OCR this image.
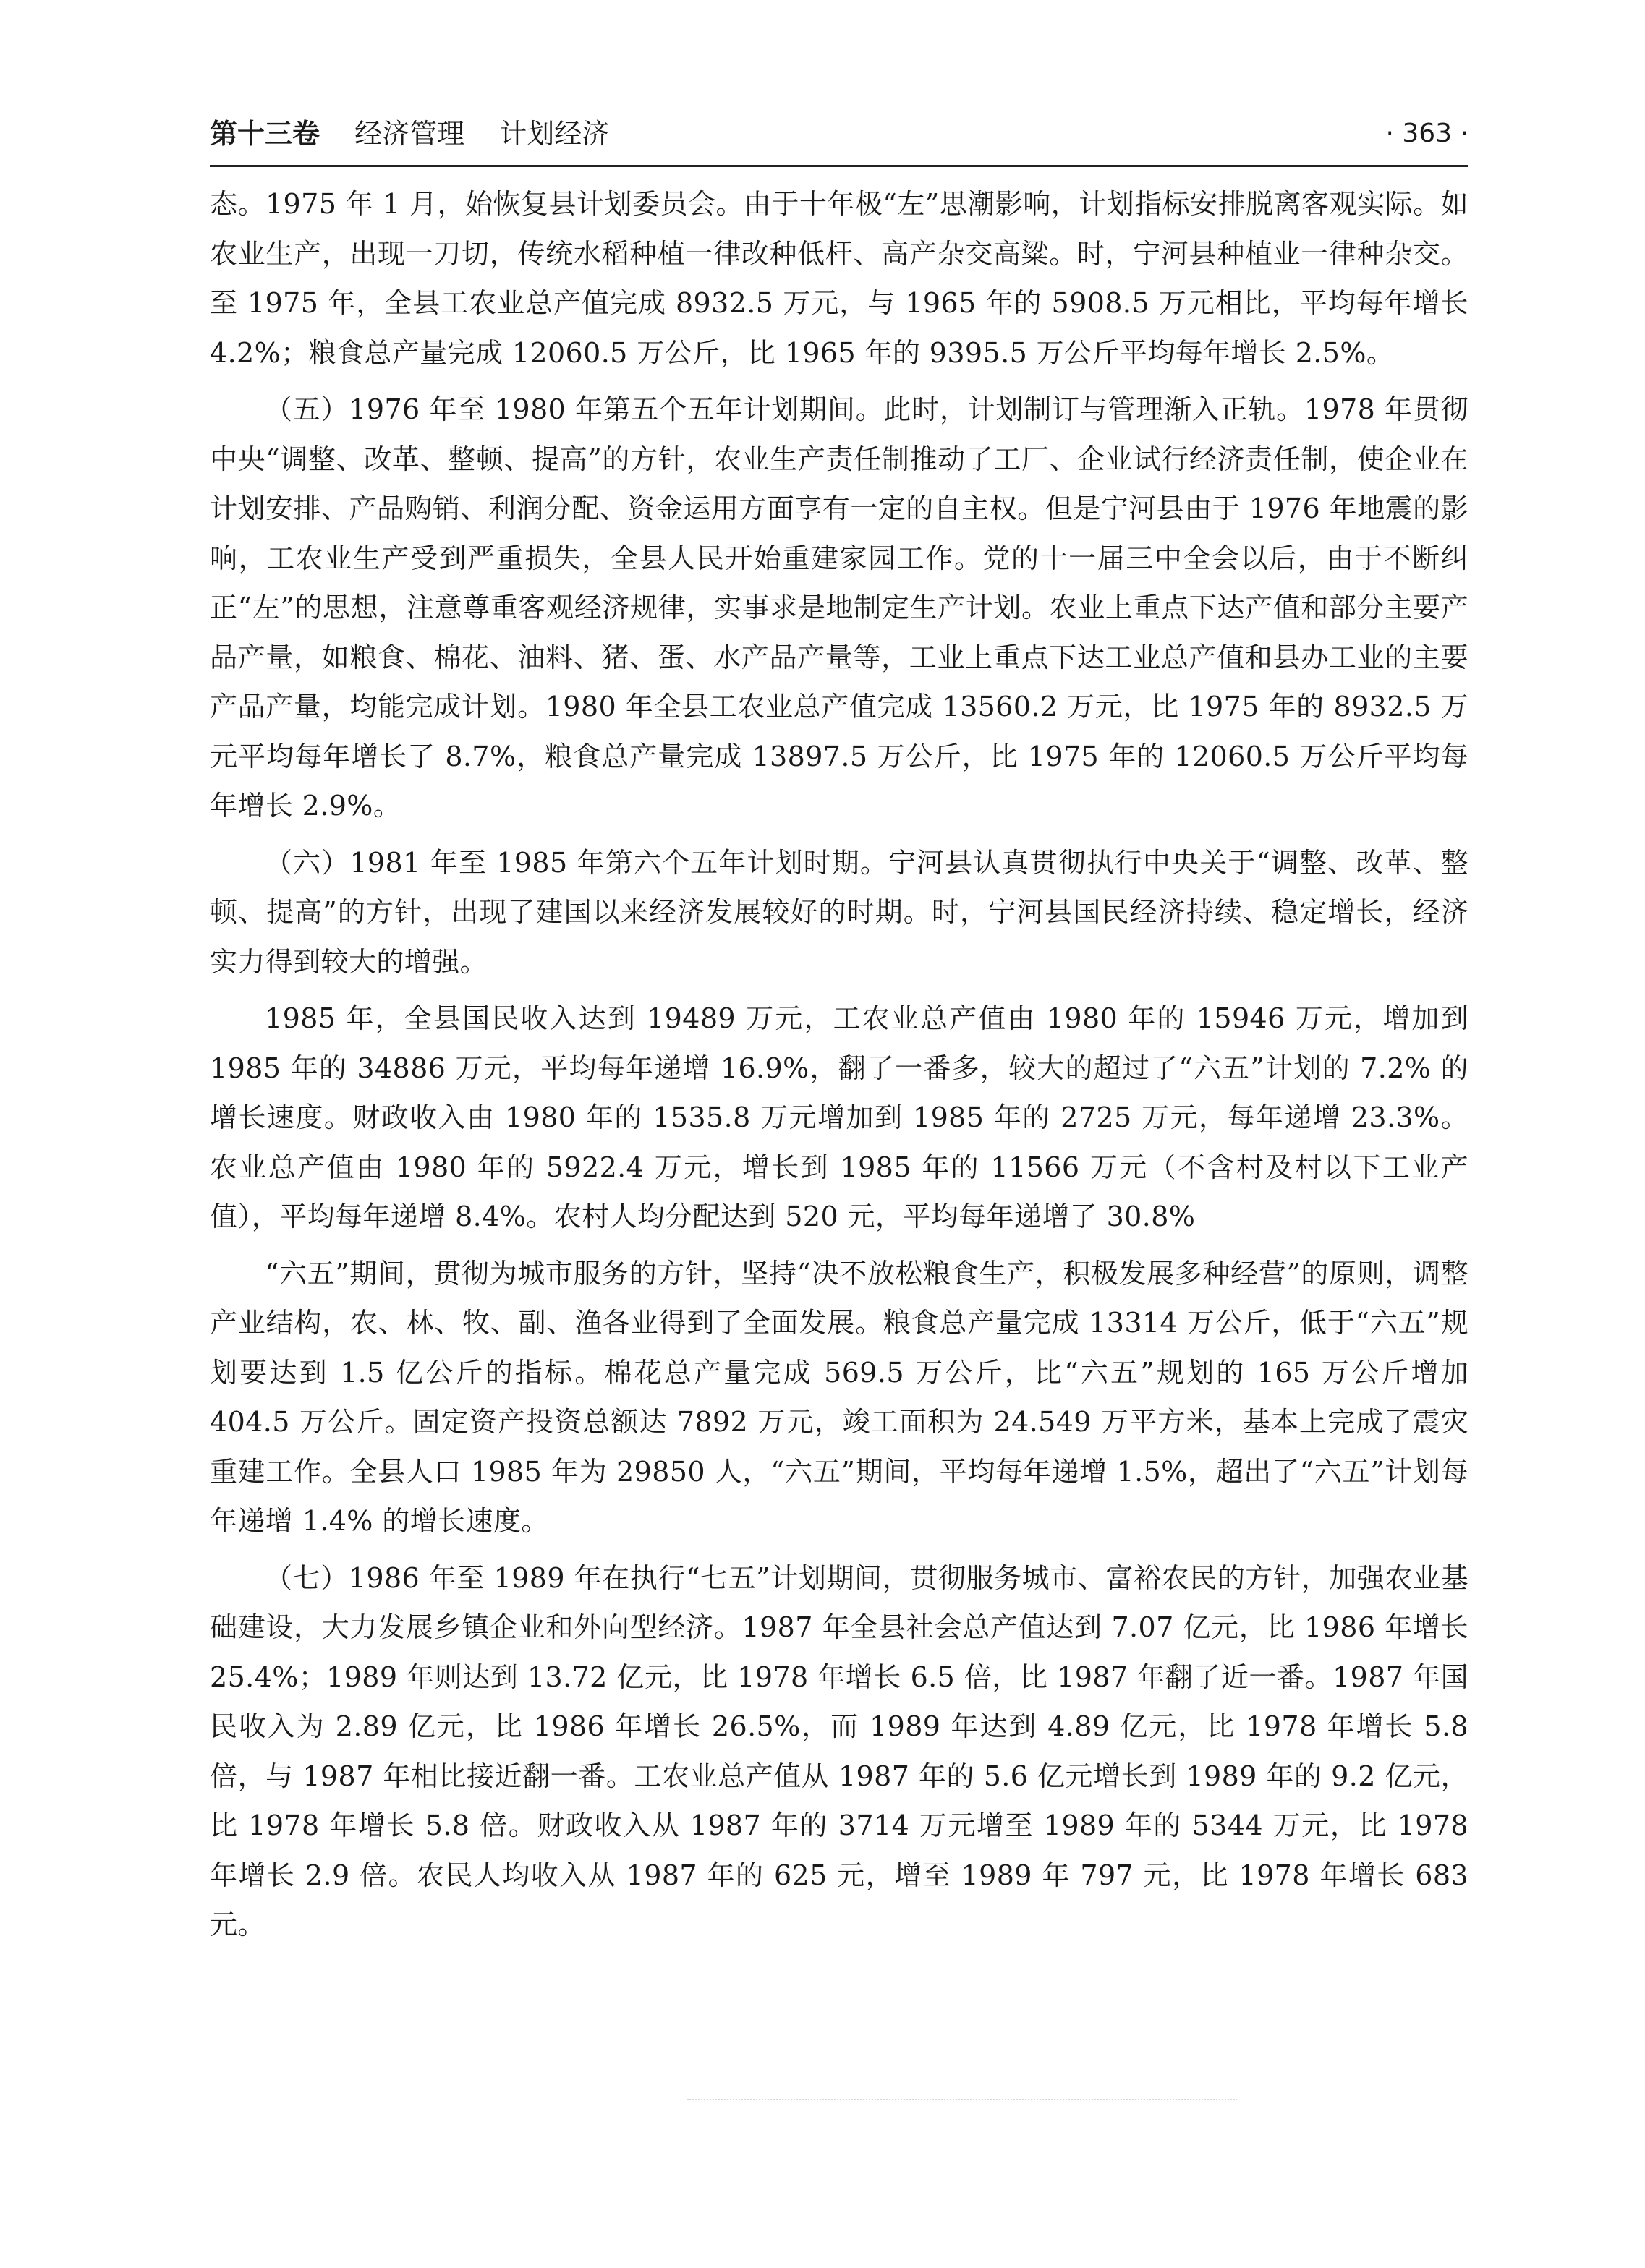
第十三卷 经济管理 计划经济	· 363 ·

态。1975 年 1 月，始恢复县计划委员会。由于十年极“左”思潮影响，计划指标安排脱离客观实际。如农业生产，出现一刀切，传统水稻种植一律改种低杆、高产杂交高粱。时，宁河县种植业一律种杂交。至 1975 年，全县工农业总产值完成 8932.5 万元，与 1965 年的 5908.5 万元相比，平均每年增长 4.2%；粮食总产量完成 12060.5 万公斤，比 1965 年的 9395.5 万公斤平均每年增长 2.5%。

（五）1976 年至 1980 年第五个五年计划期间。此时，计划制订与管理渐入正轨。1978 年贯彻中央“调整、改革、整顿、提高”的方针，农业生产责任制推动了工厂、企业试行经济责任制，使企业在计划安排、产品购销、利润分配、资金运用方面享有一定的自主权。但是宁河县由于 1976 年地震的影响，工农业生产受到严重损失，全县人民开始重建家园工作。党的十一届三中全会以后，由于不断纠正“左”的思想，注意尊重客观经济规律，实事求是地制定生产计划。农业上重点下达产值和部分主要产品产量，如粮食、棉花、油料、猪、蛋、水产品产量等，工业上重点下达工业总产值和县办工业的主要产品产量，均能完成计划。1980 年全县工农业总产值完成 13560.2 万元，比 1975 年的 8932.5 万元平均每年增长了 8.7%，粮食总产量完成 13897.5 万公斤，比 1975 年的 12060.5 万公斤平均每年增长 2.9%。

（六）1981 年至 1985 年第六个五年计划时期。宁河县认真贯彻执行中央关于“调整、改革、整顿、提高”的方针，出现了建国以来经济发展较好的时期。时，宁河县国民经济持续、稳定增长，经济实力得到较大的增强。

1985 年，全县国民收入达到 19489 万元，工农业总产值由 1980 年的 15946 万元，增加到 1985 年的 34886 万元，平均每年递增 16.9%，翻了一番多，较大的超过了“六五”计划的 7.2% 的增长速度。财政收入由 1980 年的 1535.8 万元增加到 1985 年的 2725 万元，每年递增 23.3%。农业总产值由 1980 年的 5922.4 万元，增长到 1985 年的 11566 万元（不含村及村以下工业产值），平均每年递增 8.4%。农村人均分配达到 520 元，平均每年递增了 30.8%

“六五”期间，贯彻为城市服务的方针，坚持“决不放松粮食生产，积极发展多种经营”的原则，调整产业结构，农、林、牧、副、渔各业得到了全面发展。粮食总产量完成 13314 万公斤，低于“六五”规划要达到 1.5 亿公斤的指标。棉花总产量完成 569.5 万公斤，比“六五”规划的 165 万公斤增加 404.5 万公斤。固定资产投资总额达 7892 万元，竣工面积为 24.549 万平方米，基本上完成了震灾重建工作。全县人口 1985 年为 29850 人，“六五”期间，平均每年递增 1.5%，超出了“六五”计划每年递增 1.4% 的增长速度。

（七）1986 年至 1989 年在执行“七五”计划期间，贯彻服务城市、富裕农民的方针，加强农业基础建设，大力发展乡镇企业和外向型经济。1987 年全县社会总产值达到 7.07 亿元，比 1986 年增长 25.4%；1989 年则达到 13.72 亿元，比 1978 年增长 6.5 倍，比 1987 年翻了近一番。1987 年国民收入为 2.89 亿元，比 1986 年增长 26.5%，而 1989 年达到 4.89 亿元，比 1978 年增长 5.8 倍，与 1987 年相比接近翻一番。工农业总产值从 1987 年的 5.6 亿元增长到 1989 年的 9.2 亿元，比 1978 年增长 5.8 倍。财政收入从 1987 年的 3714 万元增至 1989 年的 5344 万元，比 1978 年增长 2.9 倍。农民人均收入从 1987 年的 625 元，增至 1989 年 797 元，比 1978 年增长 683 元。
